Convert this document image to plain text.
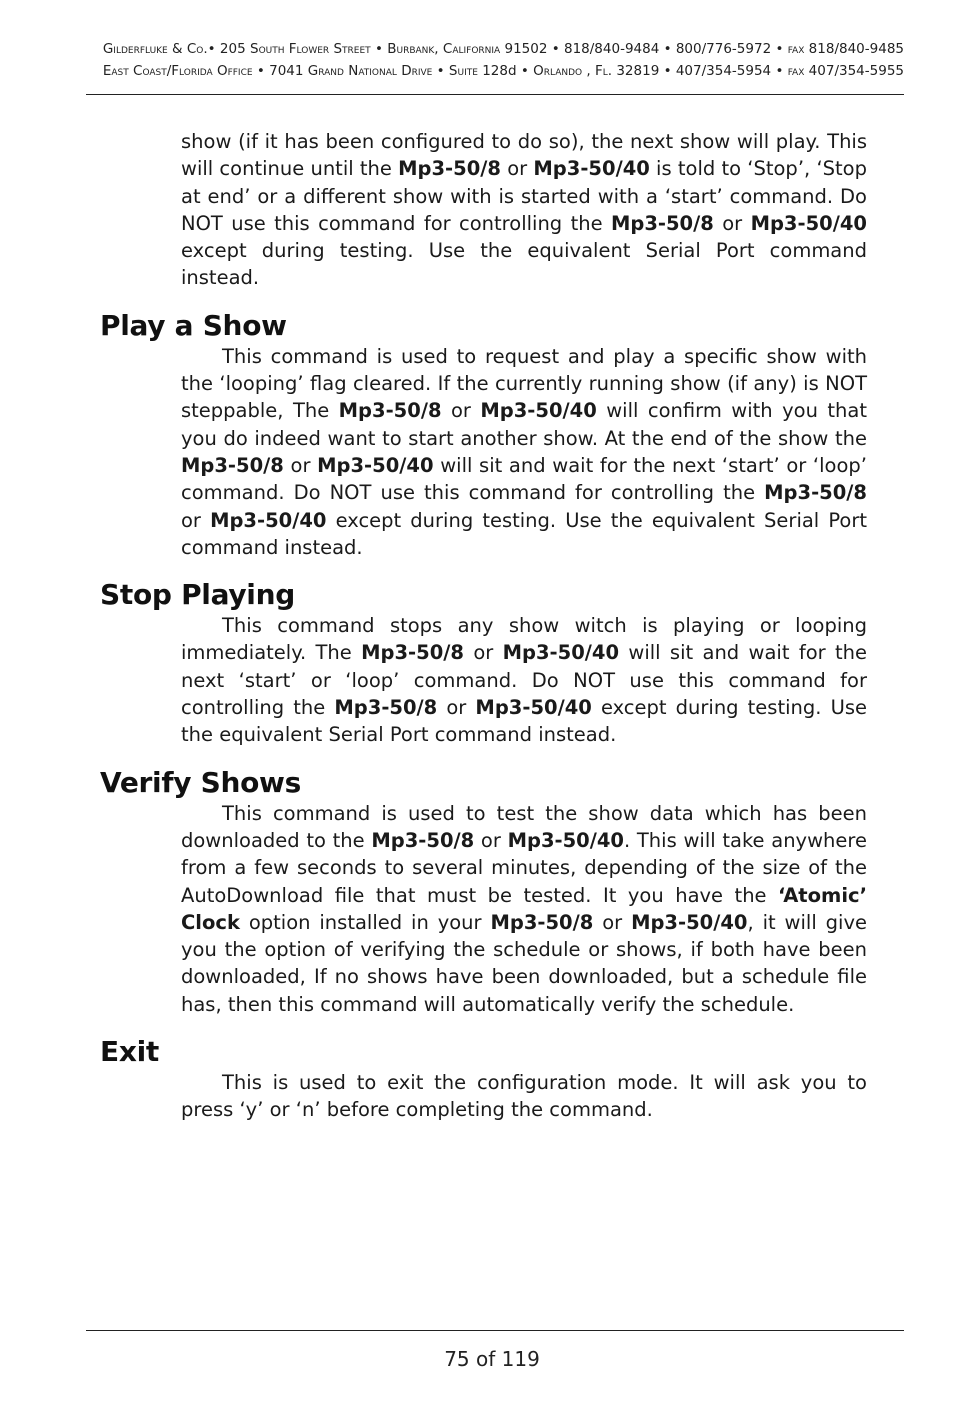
Gilderfluke & Co.• 205 South Flower Street • Burbank, California 91502 • 818/840-9484 • 800/776-5972 • fax 818/840-9485
East Coast/Florida Office • 7041 Grand National Drive • Suite 128d • Orlando , Fl. 32819 • 407/354-5954 • fax 407/354-5955

show (if it has been configured to do so), the next show will play. This will continue until the Mp3-50/8 or Mp3-50/40 is told to ‘Stop’, ‘Stop at end’ or a different show with is started with a ‘start’ command. Do NOT use this command for controlling the Mp3-50/8 or Mp3-50/40 except during testing. Use the equivalent Serial Port command instead.

Play a Show

This command is used to request and play a specific show with the ‘looping’ flag cleared. If the currently running show (if any) is NOT steppable, The Mp3-50/8 or Mp3-50/40 will confirm with you that you do indeed want to start another show. At the end of the show the Mp3-50/8 or Mp3-50/40 will sit and wait for the next ‘start’ or ‘loop’ command. Do NOT use this command for controlling the Mp3-50/8 or Mp3-50/40 except during testing. Use the equivalent Serial Port command instead.

Stop Playing

This command stops any show witch is playing or looping immediately. The Mp3-50/8 or Mp3-50/40 will sit and wait for the next ‘start’ or ‘loop’ command. Do NOT use this command for controlling the Mp3-50/8 or Mp3-50/40 except during testing. Use the equivalent Serial Port command instead.

Verify Shows

This command is used to test the show data which has been downloaded to the Mp3-50/8 or Mp3-50/40. This will take anywhere from a few seconds to several minutes, depending of the size of the AutoDownload file that must be tested. It you have the ‘Atomic’ Clock option installed in your Mp3-50/8 or Mp3-50/40, it will give you the option of verifying the schedule or shows, if both have been downloaded, If no shows have been downloaded, but a schedule file has, then this command will automatically verify the schedule.

Exit

This is used to exit the configuration mode. It will ask you to press ‘y’ or ‘n’ before completing the command.

75 of 119
